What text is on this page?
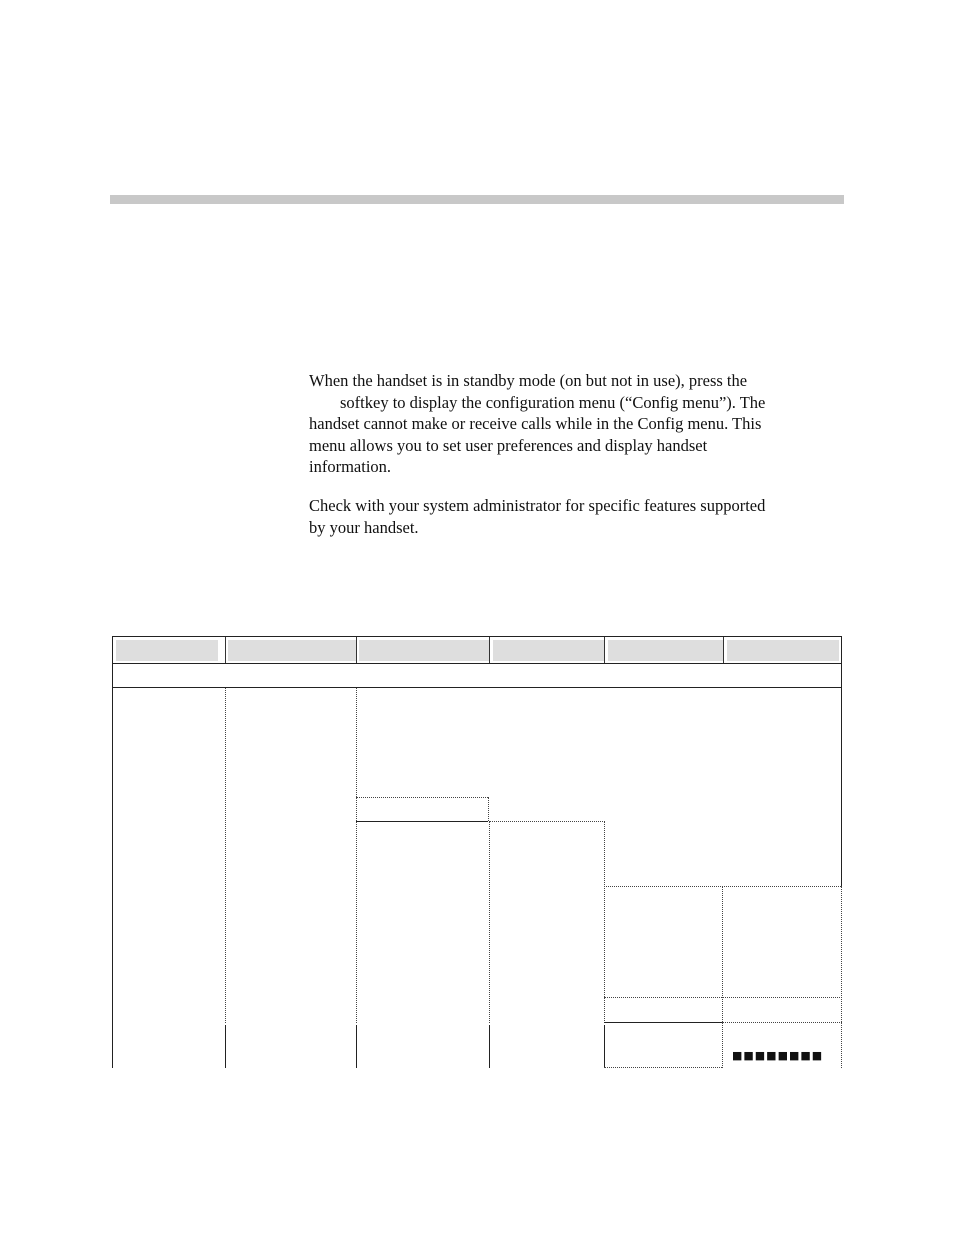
When the handset is in standby mode (on but not in use), press the
softkey to display the configuration menu (“Config menu”). The
handset cannot make or receive calls while in the Config menu. This
menu allows you to set user preferences and display handset
information.
Check with your system administrator for specific features supported
by your handset.
■■■■■■■■
